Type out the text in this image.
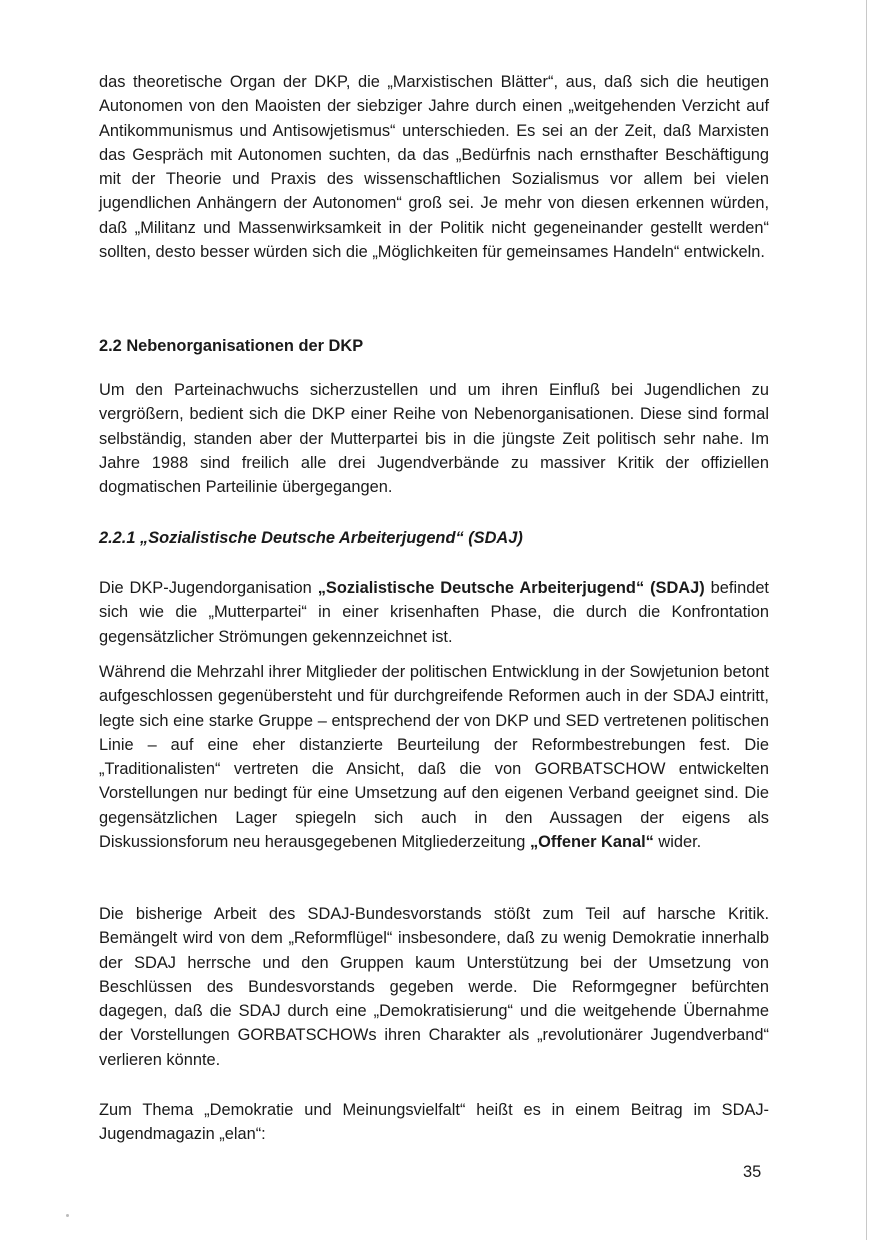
das theoretische Organ der DKP, die „Marxistischen Blätter“, aus, daß sich die heutigen Autonomen von den Maoisten der siebziger Jahre durch einen „weitgehenden Verzicht auf Antikommunismus und Antisowjetismus“ unterschieden. Es sei an der Zeit, daß Marxisten das Gespräch mit Autonomen suchten, da das „Bedürfnis nach ernsthafter Beschäftigung mit der Theorie und Praxis des wissenschaftlichen Sozialismus vor allem bei vielen jugendlichen Anhängern der Autonomen“ groß sei. Je mehr von diesen erkennen würden, daß „Militanz und Massenwirksamkeit in der Politik nicht gegeneinander gestellt werden“ sollten, desto besser würden sich die „Möglichkeiten für gemeinsames Handeln“ entwickeln.

2.2 Nebenorganisationen der DKP

Um den Parteinachwuchs sicherzustellen und um ihren Einfluß bei Jugendlichen zu vergrößern, bedient sich die DKP einer Reihe von Nebenorganisationen. Diese sind formal selbständig, standen aber der Mutterpartei bis in die jüngste Zeit politisch sehr nahe. Im Jahre 1988 sind freilich alle drei Jugendverbände zu massiver Kritik der offiziellen dogmatischen Parteilinie übergegangen.

2.2.1 „Sozialistische Deutsche Arbeiterjugend“ (SDAJ)

Die DKP-Jugendorganisation „Sozialistische Deutsche Arbeiterjugend“ (SDAJ) befindet sich wie die „Mutterpartei“ in einer krisenhaften Phase, die durch die Konfrontation gegensätzlicher Strömungen gekennzeichnet ist.

Während die Mehrzahl ihrer Mitglieder der politischen Entwicklung in der Sowjetunion betont aufgeschlossen gegenübersteht und für durchgreifende Reformen auch in der SDAJ eintritt, legte sich eine starke Gruppe – entsprechend der von DKP und SED vertretenen politischen Linie – auf eine eher distanzierte Beurteilung der Reformbestrebungen fest. Die „Traditionalisten“ vertreten die Ansicht, daß die von GORBATSCHOW entwickelten Vorstellungen nur bedingt für eine Umsetzung auf den eigenen Verband geeignet sind. Die gegensätzlichen Lager spiegeln sich auch in den Aussagen der eigens als Diskussionsforum neu herausgegebenen Mitgliederzeitung „Offener Kanal“ wider.

Die bisherige Arbeit des SDAJ-Bundesvorstands stößt zum Teil auf harsche Kritik. Bemängelt wird von dem „Reformflügel“ insbesondere, daß zu wenig Demokratie innerhalb der SDAJ herrsche und den Gruppen kaum Unterstützung bei der Umsetzung von Beschlüssen des Bundesvorstands gegeben werde. Die Reformgegner befürchten dagegen, daß die SDAJ durch eine „Demokratisierung“ und die weitgehende Übernahme der Vorstellungen GORBATSCHOWs ihren Charakter als „revolutionärer Jugendverband“ verlieren könnte.

Zum Thema „Demokratie und Meinungsvielfalt“ heißt es in einem Beitrag im SDAJ-Jugendmagazin „elan“:

35
